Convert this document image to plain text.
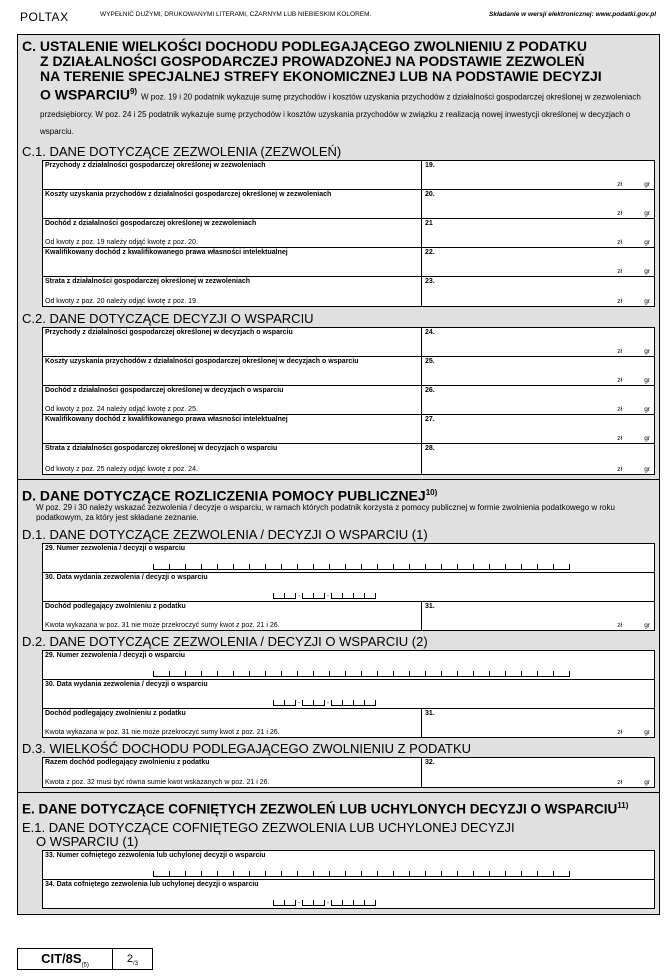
POLTAX	WYPEŁNIĆ DUŻYMI, DRUKOWANYMI LITERAMI, CZARNYM LUB NIEBIESKIM KOLOREM.	Składanie w wersji elektronicznej: www.podatki.gov.pl
C. USTALENIE WIELKOŚCI DOCHODU PODLEGAJĄCEGO ZWOLNIENIU Z PODATKU
Z DZIAŁALNOŚCI GOSPODARCZEJ PROWADZONEJ NA PODSTAWIE ZEZWOLEŃ
NA TERENIE SPECJALNEJ STREFY EKONOMICZNEJ LUB NA PODSTAWIE DECYZJI
O WSPARCIU$^{9)}$ W poz. 19 i 20 podatnik wykazuje sumę przychodów i kosztów uzyskania przychodów z działalności gospodarczej określonej w zezwoleniach przedsiębiorcy. W poz. 24 i 25 podatnik wykazuje sumę przychodów i kosztów uzyskania przychodów w związku z realizacją nowej inwestycji określonej w decyzjach o wsparciu.
C.1. DANE DOTYCZĄCE ZEZWOLENIA (ZEZWOLEŃ)
Przychody z działalności gospodarczej określonej w zezwoleniach	19.
zł	gr
Koszty uzyskania przychodów z działalności gospodarczej określonej w zezwoleniach	20.
zł	gr
Dochód z działalności gospodarczej określonej w zezwoleniach
Od kwoty z poz. 19 należy odjąć kwotę z poz. 20.
21
zł	gr
Kwalifikowany dochód z kwalifikowanego prawa własności intelektualnej	22.
zł	gr
Strata z działalności gospodarczej określonej w zezwoleniach
Od kwoty z poz. 20 należy odjąć kwotę z poz. 19.
23.
zł	gr
C.2. DANE DOTYCZĄCE DECYZJI O WSPARCIU
Przychody z działalności gospodarczej określonej w decyzjach o wsparciu	24.
zł	gr
Koszty uzyskania przychodów z działalności gospodarczej określonej w decyzjach o wsparciu	25.
zł	gr
Dochód z działalności gospodarczej określonej w decyzjach o wsparciu
Od kwoty z poz. 24 należy odjąć kwotę z poz. 25.
26.
zł	gr
Kwalifikowany dochód z kwalifikowanego prawa własności intelektualnej	27.
zł	gr
Strata z działalności gospodarczej określonej w decyzjach o wsparciu
Od kwoty z poz. 25 należy odjąć kwotę z poz. 24.
28.
zł	gr
D. DANE DOTYCZĄCE ROZLICZENIA POMOCY PUBLICZNEJ$^{10)}$
W poz. 29 i 30 należy wskazać zezwolenia / decyzje o wsparciu, w ramach których podatnik korzysta z pomocy publicznej w formie zwolnienia podatkowego w roku podatkowym, za który jest składane zeznanie.
D.1. DANE DOTYCZĄCE ZEZWOLENIA / DECYZJI O WSPARCIU (1)
29. Numer zezwolenia / decyzji o wsparciu
30. Data wydania zezwolenia / decyzji o wsparciu
-	-
Dochód podlegający zwolnieniu z podatku
Kwota wykazana w poz. 31 nie może przekroczyć sumy kwot z poz. 21 i 26.
31.
zł	gr
D.2. DANE DOTYCZĄCE ZEZWOLENIA / DECYZJI O WSPARCIU (2)
29. Numer zezwolenia / decyzji o wsparciu
30. Data wydania zezwolenia / decyzji o wsparciu
-	-
Dochód podlegający zwolnieniu z podatku
Kwota wykazana w poz. 31 nie może przekroczyć sumy kwot z poz. 21 i 26.
31.
zł	gr
D.3. WIELKOŚĆ DOCHODU PODLEGAJĄCEGO ZWOLNIENIU Z PODATKU
Razem dochód podlegający zwolnieniu z podatku
Kwota z poz. 32 musi być równa sumie kwot wskazanych w poz. 21 i 26.
32.
zł	gr
E. DANE DOTYCZĄCE COFNIĘTYCH ZEZWOLEŃ LUB UCHYLONYCH DECYZJI O WSPARCIU$^{11)}$
E.1. DANE DOTYCZĄCE COFNIĘTEGO ZEZWOLENIA LUB UCHYLONEJ DECYZJI
O WSPARCIU (1)
33. Numer cofniętego zezwolenia lub uchylonej decyzji o wsparciu
34. Data cofniętego zezwolenia lub uchylonej decyzji o wsparciu
-	-
CIT/$8S_{(5)}$
$2_{/3}$
